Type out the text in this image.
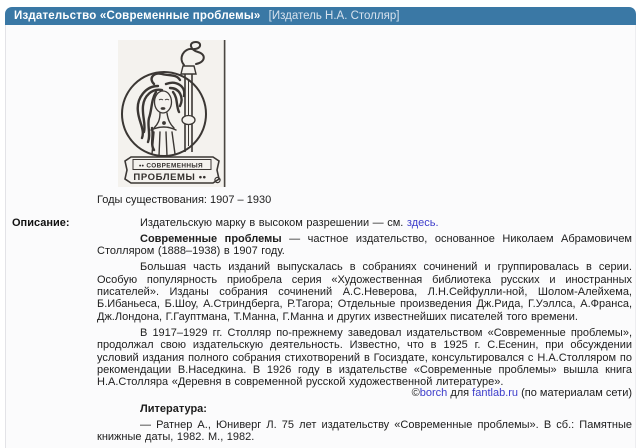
Издательство «Современные проблемы» [Издатель Н.А. Столляр]
•• СОВРЕМЕННЫЯ
ПРОБЛЕМЫ ••
Годы существования: 1907 – 1930
Описание:	Издательскую марку в высоком разрешении — см. здесь.

Современные проблемы — частное издательство, основанное Николаем Абрамовичем Столляром (1888–1938) в 1907 году.

Большая часть изданий выпускалась в собраниях сочинений и группировалась в серии. Особую популярность приобрела серия «Художественная библиотека русских и иностранных писателей». Изданы собрания сочинений А.С.Неверова, Л.Н.Сейфулли-ной, Шолом-Алейхема, Б.Ибаньеса, Б.Шоу, А.Стриндберга, Р.Тагора; Отдельные произведения Дж.Рида, Г.Уэллса, А.Франса, Дж.Лондона, Г.Гауптмана, Т.Манна, Г.Манна и других известнейших писателей того времени.

В 1917–1929 гг. Столляр по-прежнему заведовал издательством «Современные проблемы», продолжал свою издательскую деятельность. Известно, что в 1925 г. С.Есенин, при обсуждении условий издания полного собрания стихотворений в Госиздате, консультировался с Н.А.Столляром по рекомендации В.Наседкина. В 1926 году в издательстве «Современные проблемы» вышла книга Н.А.Столляра «Деревня в современной русской художественной литературе».

©borch для fantlab.ru (по материалам сети)

Литература:

— Ратнер А., Юниверг Л. 75 лет издательству «Современные проблемы». В сб.: Памятные книжные даты, 1982. М., 1982.
